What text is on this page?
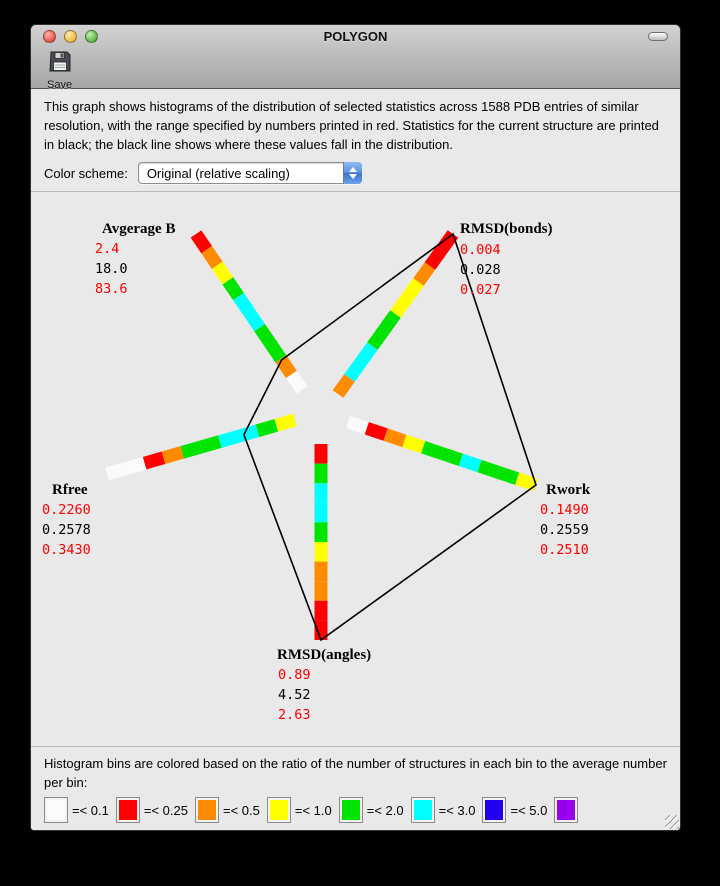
POLYGON
Save
This graph shows histograms of the distribution of selected statistics across 1588 PDB entries of similar resolution, with the range specified by numbers printed in red. Statistics for the current structure are printed in black; the black line shows where these values fall in the distribution.
Color scheme:	Original (relative scaling)
Avgerage B
2.4
18.0
83.6
RMSD(bonds)
0.004
0.028
0.027
Rwork
0.1490
0.2559
0.2510
Rfree
0.2260
0.2578
0.3430
RMSD(angles)
0.89
4.52
2.63
Histogram bins are colored based on the ratio of the number of structures in each bin to the average number per bin:
=< 0.1	=< 0.25	=< 0.5	=< 1.0	=< 2.0	=< 3.0	=< 5.0
